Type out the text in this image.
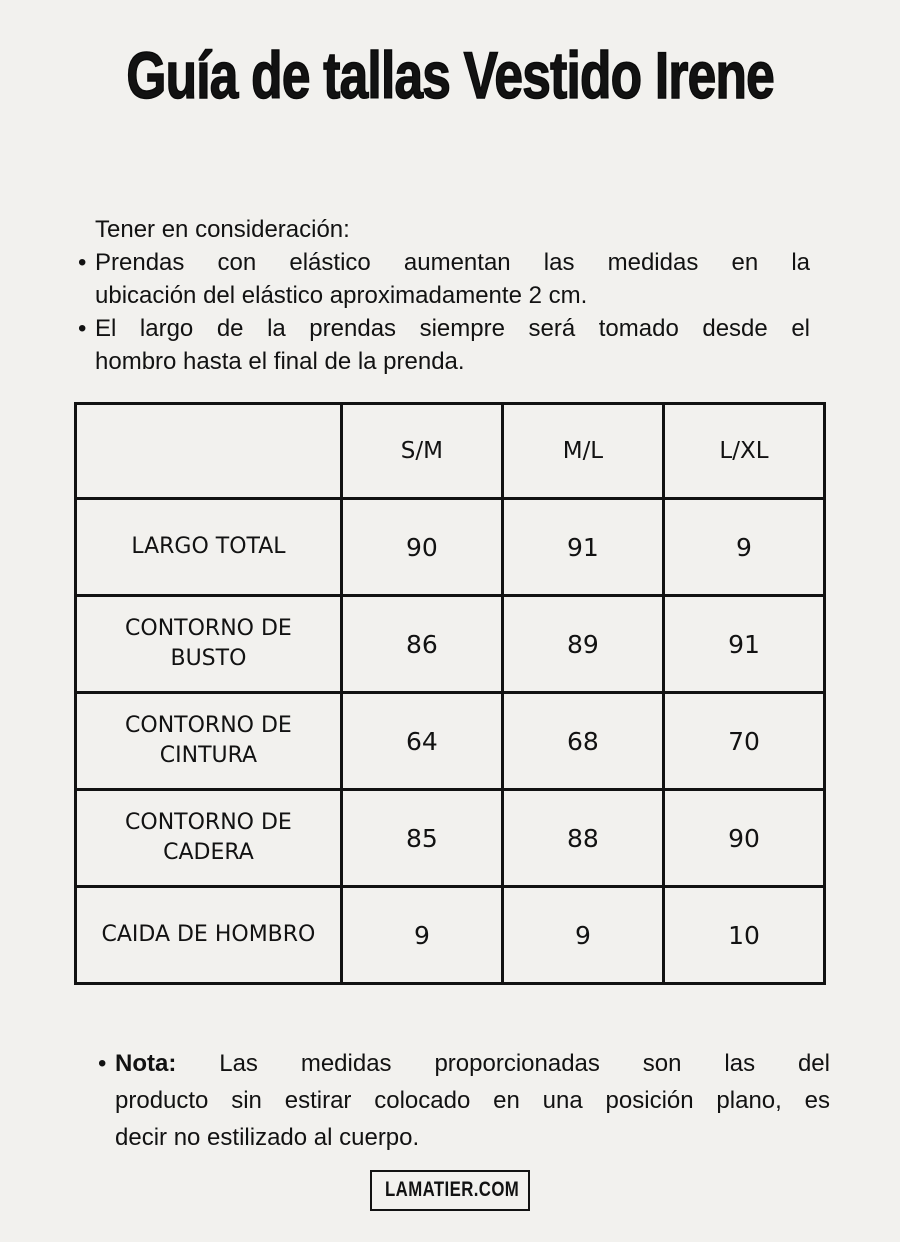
Guía de tallas Vestido Irene
Tener en consideración:
• Prendas con elástico aumentan las medidas en la
ubicación del elástico aproximadamente 2 cm.
• El largo de la prendas siempre será tomado desde el
hombro hasta el final de la prenda.
	S/M	M/L	L/XL
LARGO TOTAL	90	91	9
CONTORNO DE BUSTO	86	89	91
CONTORNO DE CINTURA	64	68	70
CONTORNO DE CADERA	85	88	90
CAIDA DE HOMBRO	9	9	10
• Nota: Las medidas proporcionadas son las del
producto sin estirar colocado en una posición plano, es
decir no estilizado al cuerpo.
LAMATIER.COM
